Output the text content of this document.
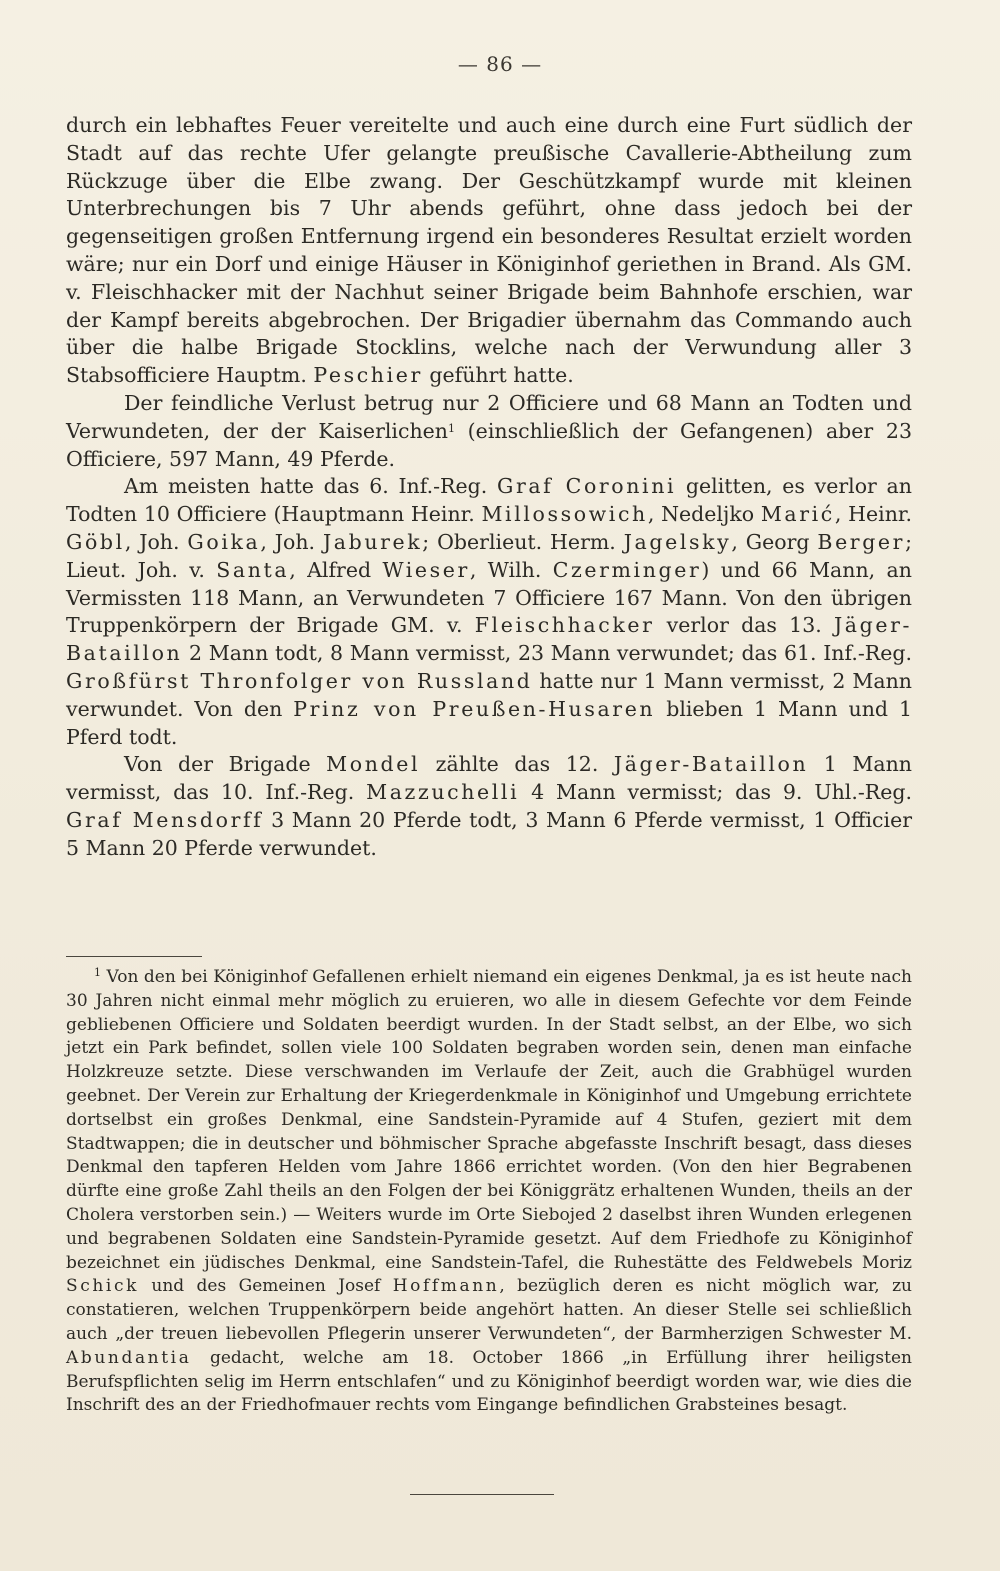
— 86 —

durch ein lebhaftes Feuer vereitelte und auch eine durch eine Furt südlich der Stadt auf das rechte Ufer gelangte preußische Cavallerie-Abtheilung zum Rückzuge über die Elbe zwang. Der Geschützkampf wurde mit kleinen Unterbrechungen bis 7 Uhr abends geführt, ohne dass jedoch bei der gegenseitigen großen Entfernung irgend ein besonderes Resultat erzielt worden wäre; nur ein Dorf und einige Häuser in Königinhof geriethen in Brand. Als GM. v. Fleischhacker mit der Nachhut seiner Brigade beim Bahnhofe erschien, war der Kampf bereits abgebrochen. Der Brigadier übernahm das Commando auch über die halbe Brigade Stocklins, welche nach der Verwundung aller 3 Stabsofficiere Hauptm. Peschier geführt hatte.

Der feindliche Verlust betrug nur 2 Officiere und 68 Mann an Todten und Verwundeten, der der Kaiserlichen$^1$ (einschließlich der Gefangenen) aber 23 Officiere, 597 Mann, 49 Pferde.

Am meisten hatte das 6. Inf.-Reg. Graf Coronini gelitten, es verlor an Todten 10 Officiere (Hauptmann Heinr. Millossowich, Nedeljko Marić, Heinr. Göbl, Joh. Goika, Joh. Jaburek; Oberlieut. Herm. Jagelsky, Georg Berger; Lieut. Joh. v. Santa, Alfred Wieser, Wilh. Czerminger) und 66 Mann, an Vermissten 118 Mann, an Verwundeten 7 Officiere 167 Mann. Von den übrigen Truppenkörpern der Brigade GM. v. Fleischhacker verlor das 13. Jäger-Bataillon 2 Mann todt, 8 Mann vermisst, 23 Mann verwundet; das 61. Inf.-Reg. Großfürst Thronfolger von Russland hatte nur 1 Mann vermisst, 2 Mann verwundet. Von den Prinz von Preußen-Husaren blieben 1 Mann und 1 Pferd todt.

Von der Brigade Mondel zählte das 12. Jäger-Bataillon 1 Mann vermisst, das 10. Inf.-Reg. Mazzuchelli 4 Mann vermisst; das 9. Uhl.-Reg. Graf Mensdorff 3 Mann 20 Pferde todt, 3 Mann 6 Pferde vermisst, 1 Officier 5 Mann 20 Pferde verwundet.

$^1$ Von den bei Königinhof Gefallenen erhielt niemand ein eigenes Denkmal, ja es ist heute nach 30 Jahren nicht einmal mehr möglich zu eruieren, wo alle in diesem Gefechte vor dem Feinde gebliebenen Officiere und Soldaten beerdigt wurden. In der Stadt selbst, an der Elbe, wo sich jetzt ein Park befindet, sollen viele 100 Soldaten begraben worden sein, denen man einfache Holzkreuze setzte. Diese verschwanden im Verlaufe der Zeit, auch die Grabhügel wurden geebnet. Der Verein zur Erhaltung der Kriegerdenkmale in Königinhof und Umgebung errichtete dortselbst ein großes Denkmal, eine Sandstein-Pyramide auf 4 Stufen, geziert mit dem Stadtwappen; die in deutscher und böhmischer Sprache abgefasste Inschrift besagt, dass dieses Denkmal den tapferen Helden vom Jahre 1866 errichtet worden. (Von den hier Begrabenen dürfte eine große Zahl theils an den Folgen der bei Königgrätz erhaltenen Wunden, theils an der Cholera verstorben sein.) — Weiters wurde im Orte Siebojed 2 daselbst ihren Wunden erlegenen und begrabenen Soldaten eine Sandstein-Pyramide gesetzt. Auf dem Friedhofe zu Königinhof bezeichnet ein jüdisches Denkmal, eine Sandstein-Tafel, die Ruhestätte des Feldwebels Moriz Schick und des Gemeinen Josef Hoffmann, bezüglich deren es nicht möglich war, zu constatieren, welchen Truppenkörpern beide angehört hatten. An dieser Stelle sei schließlich auch „der treuen liebevollen Pflegerin unserer Verwundeten“, der Barmherzigen Schwester M. Abundantia gedacht, welche am 18. October 1866 „in Erfüllung ihrer heiligsten Berufspflichten selig im Herrn entschlafen“ und zu Königinhof beerdigt worden war, wie dies die Inschrift des an der Friedhofmauer rechts vom Eingange befindlichen Grabsteines besagt.
